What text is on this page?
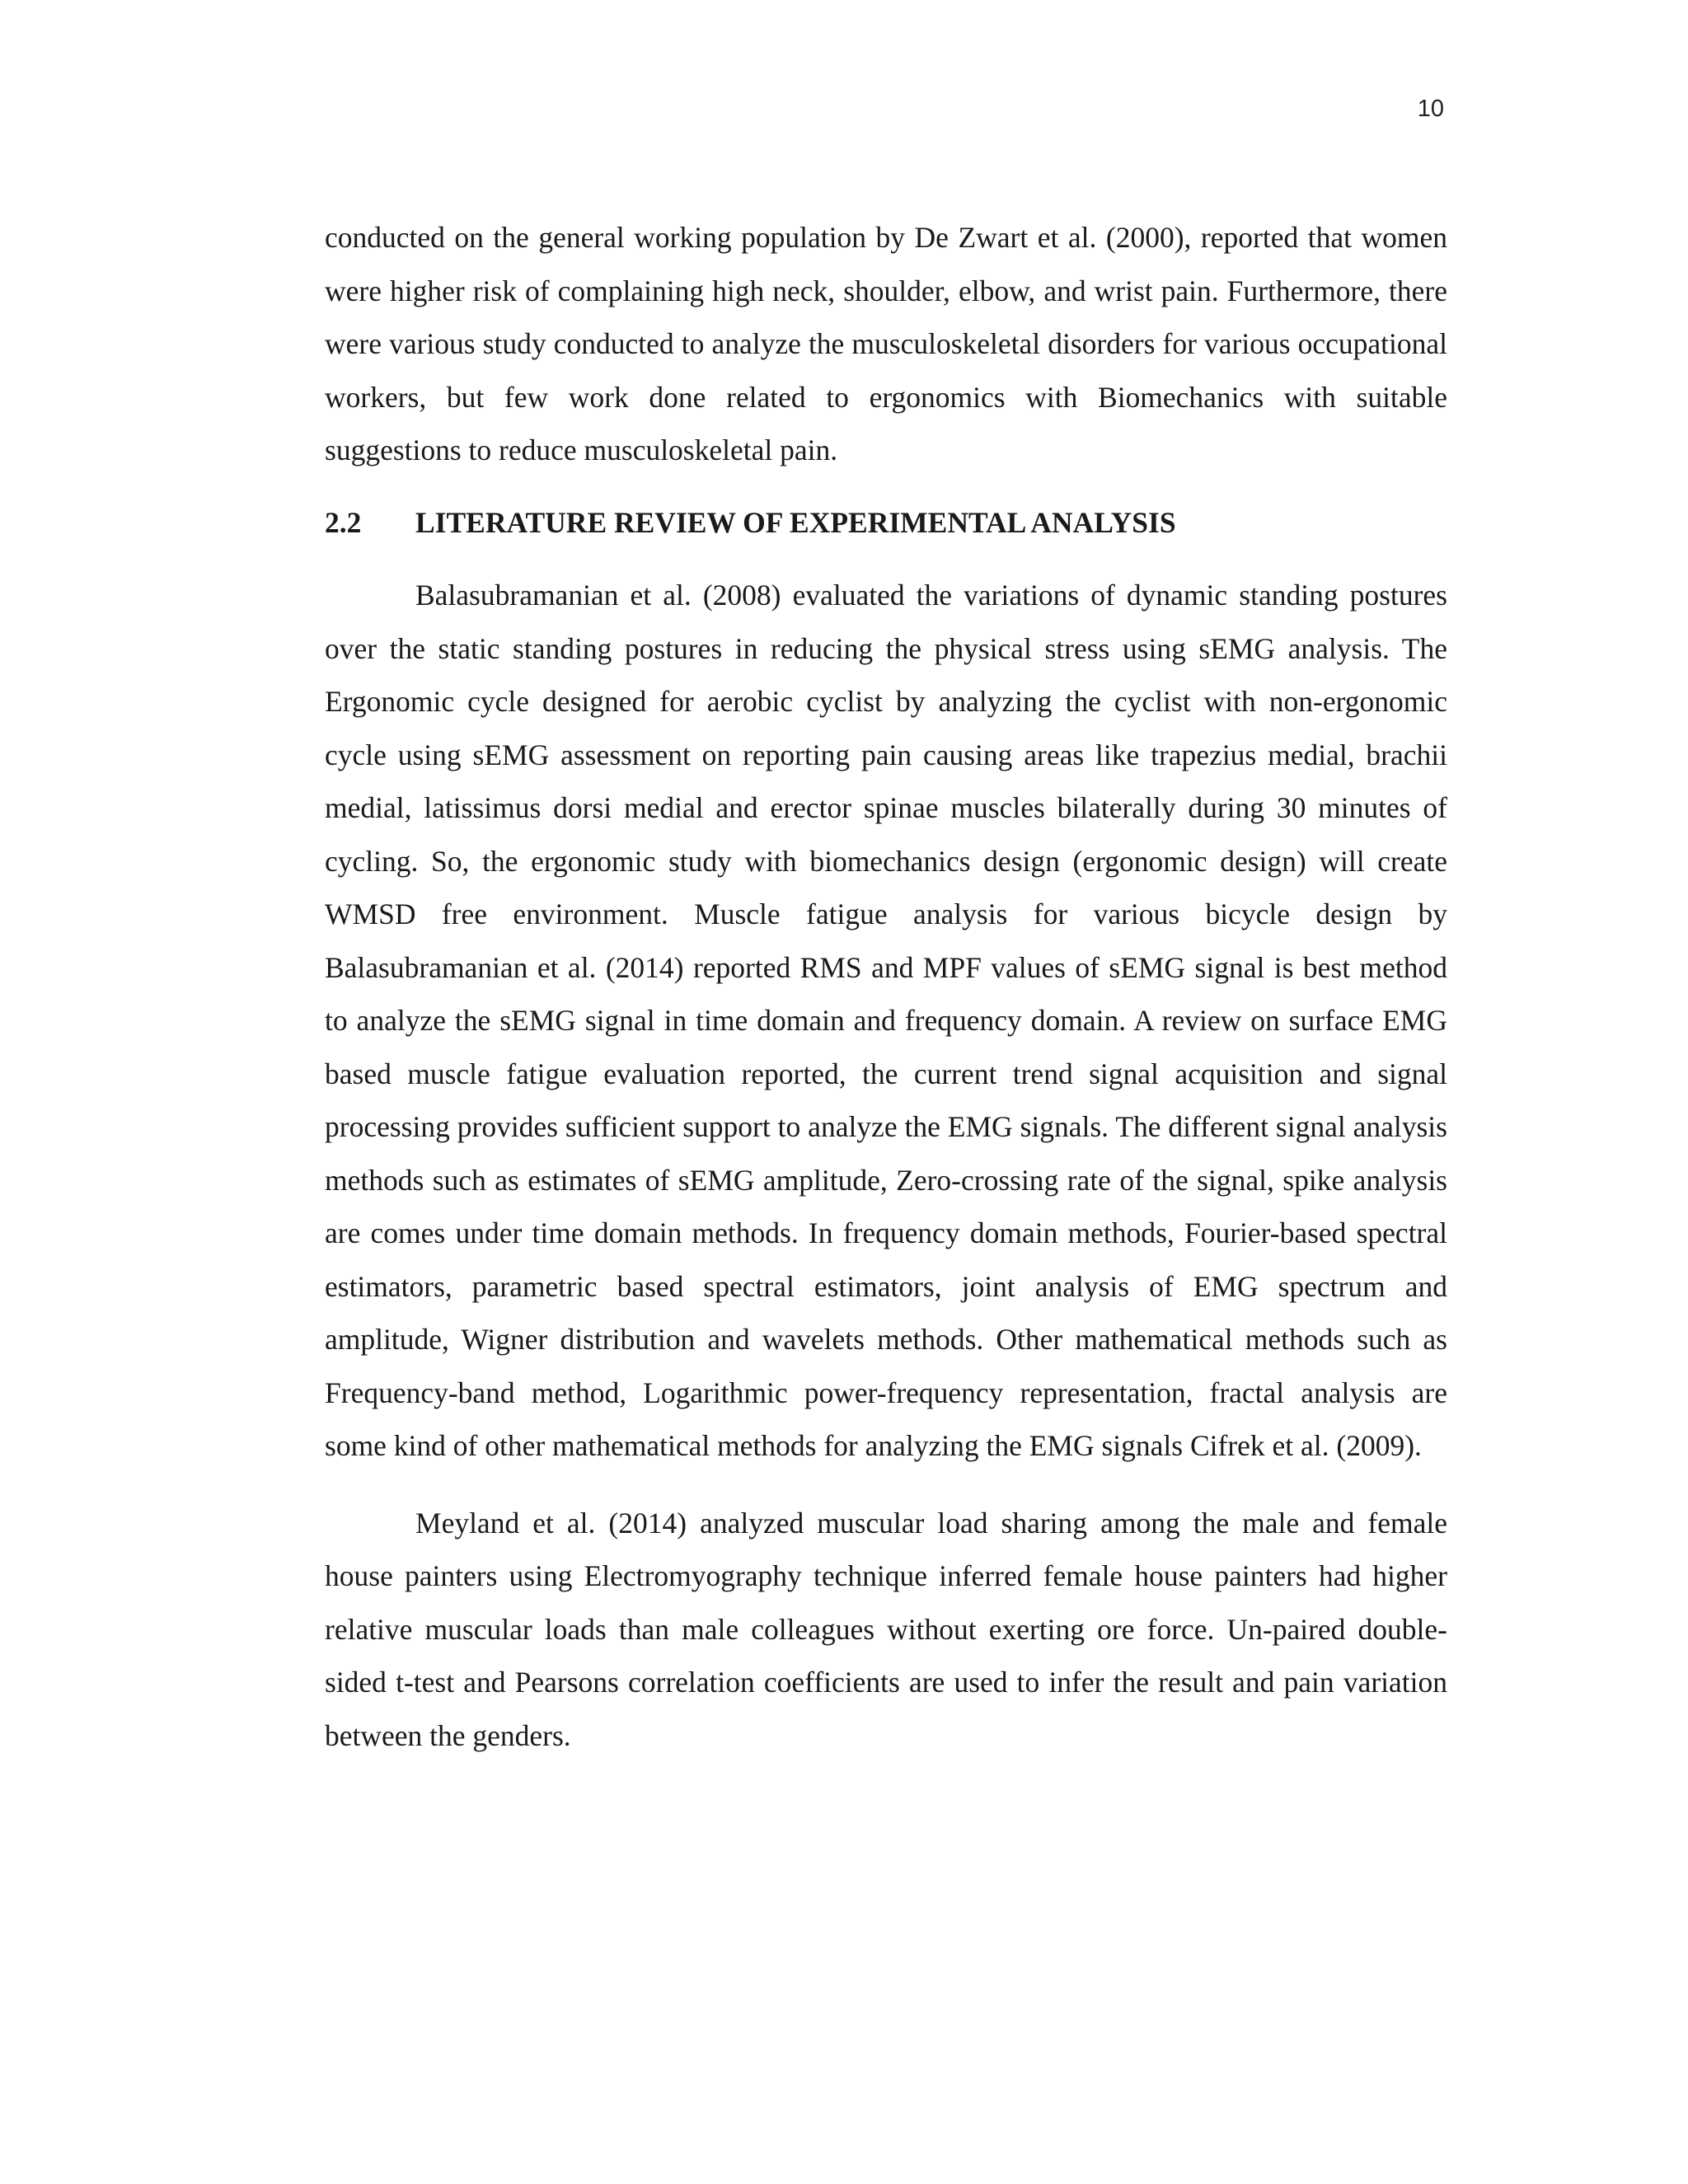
10

conducted on the general working population by De Zwart et al. (2000), reported that women were higher risk of complaining high neck, shoulder, elbow, and wrist pain. Furthermore, there were various study conducted to analyze the musculoskeletal disorders for various occupational workers, but few work done related to ergonomics with Biomechanics with suitable suggestions to reduce musculoskeletal pain.

2.2	LITERATURE REVIEW OF EXPERIMENTAL ANALYSIS

Balasubramanian et al. (2008) evaluated the variations of dynamic standing postures over the static standing postures in reducing the physical stress using sEMG analysis. The Ergonomic cycle designed for aerobic cyclist by analyzing the cyclist with non-ergonomic cycle using sEMG assessment on reporting pain causing areas like trapezius medial, brachii medial, latissimus dorsi medial and erector spinae muscles bilaterally during 30 minutes of cycling. So, the ergonomic study with biomechanics design (ergonomic design) will create WMSD free environment. Muscle fatigue analysis for various bicycle design by Balasubramanian et al. (2014) reported RMS and MPF values of sEMG signal is best method to analyze the sEMG signal in time domain and frequency domain. A review on surface EMG based muscle fatigue evaluation reported, the current trend signal acquisition and signal processing provides sufficient support to analyze the EMG signals. The different signal analysis methods such as estimates of sEMG amplitude, Zero-crossing rate of the signal, spike analysis are comes under time domain methods. In frequency domain methods, Fourier-based spectral estimators, parametric based spectral estimators, joint analysis of EMG spectrum and amplitude, Wigner distribution and wavelets methods. Other mathematical methods such as Frequency-band method, Logarithmic power-frequency representation, fractal analysis are some kind of other mathematical methods for analyzing the EMG signals Cifrek et al. (2009).

Meyland et al. (2014) analyzed muscular load sharing among the male and female house painters using Electromyography technique inferred female house painters had higher relative muscular loads than male colleagues without exerting ore force. Un-paired double-sided t-test and Pearsons correlation coefficients are used to infer the result and pain variation between the genders.
